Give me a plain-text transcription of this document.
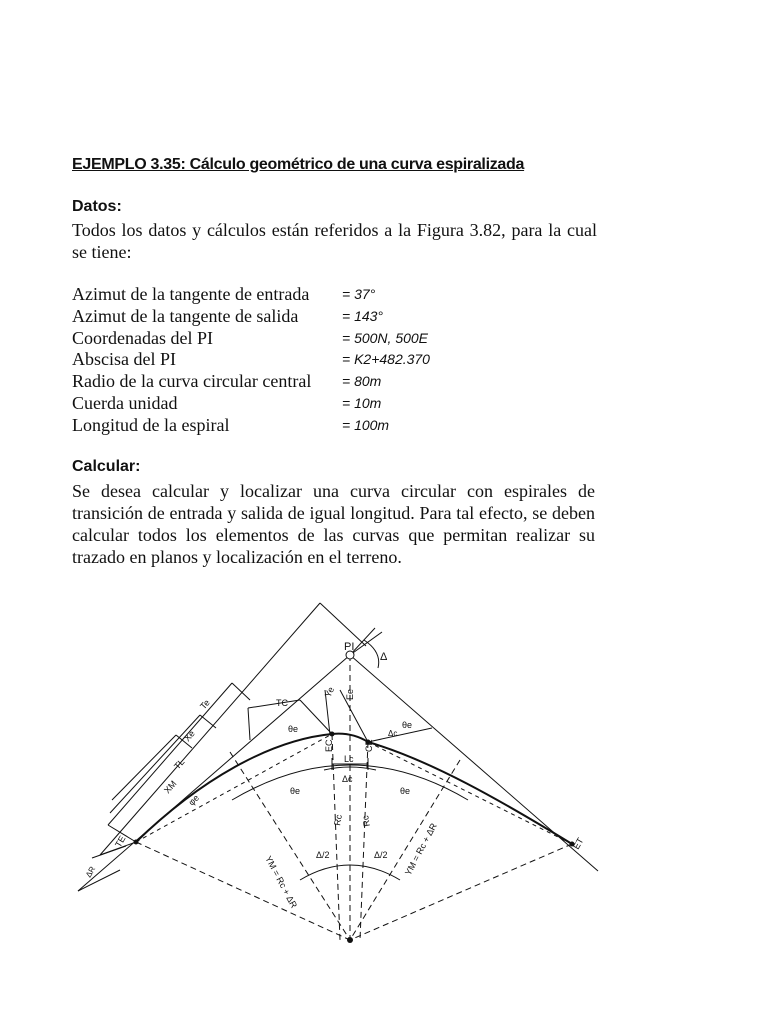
EJEMPLO 3.35: Cálculo geométrico de una curva espiralizada
Datos:
Todos los datos y cálculos están referidos a la Figura 3.82, para la cual se tiene:
Azimut de la tangente de entrada	= 37°
Azimut de la tangente de salida	= 143°
Coordenadas del PI	= 500N, 500E
Abscisa del PI	= K2+482.370
Radio de la curva circular central	= 80m
Cuerda unidad	= 10m
Longitud de la espiral	= 100m
Calcular:
Se desea calcular y localizar una curva circular con espirales de transición de entrada y salida de igual longitud. Para tal efecto, se deben calcular todos los elementos de las curvas que permitan realizar su trazado en planos y localización en el terreno.
PI
Δ
TE	ET
EC	CE
TC
Te
Xe
TL
XM
Ye Ee
θe	θe
φe
Lc
Δc
Δc
θe	θe
Rc Rc
ΔR	YM = Rc + ΔR
YM = Rc + ΔR
Δ/2	Δ/2
